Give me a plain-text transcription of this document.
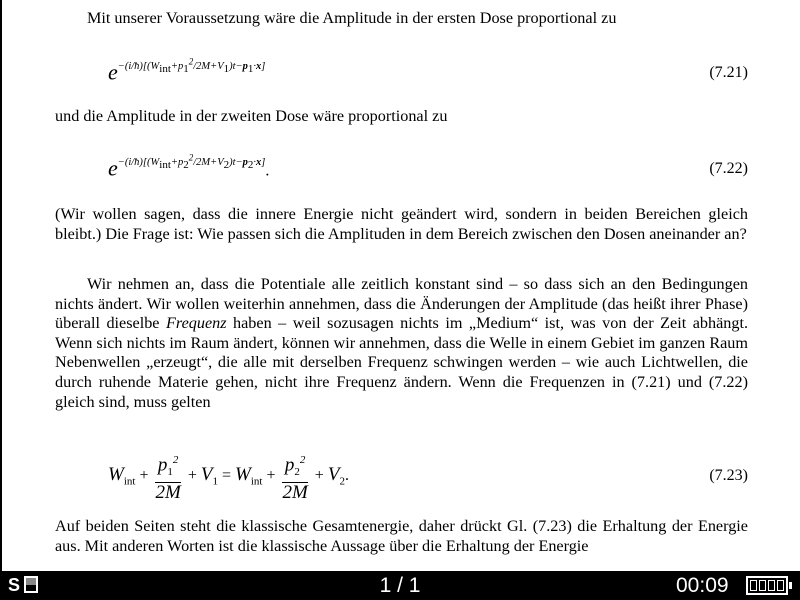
Mit unserer Voraussetzung wäre die Amplitude in der ersten Dose proportional zu
$e^{-(i/ħ)[(W_{int}+p_1^2/2M+V_1)t-p_1\cdot x]}$	(7.21)
und die Amplitude in der zweiten Dose wäre proportional zu
$e^{-(i/ħ)[(W_{int}+p_2^2/2M+V_2)t-p_2\cdot x]}$.	(7.22)
(Wir wollen sagen, dass die innere Energie nicht geändert wird, sondern in beiden Bereichen gleich bleibt.) Die Frage ist: Wie passen sich die Amplituden in dem Bereich zwischen den Dosen aneinander an?
Wir nehmen an, dass die Potentiale alle zeitlich konstant sind – so dass sich an den Bedingungen nichts ändert. Wir wollen weiterhin annehmen, dass die Änderungen der Amplitude (das heißt ihrer Phase) überall dieselbe Frequenz haben – weil sozusagen nichts im „Medium“ ist, was von der Zeit abhängt. Wenn sich nichts im Raum ändert, können wir annehmen, dass die Welle in einem Gebiet im ganzen Raum Nebenwellen „erzeugt“, die alle mit derselben Frequenz schwingen werden – wie auch Lichtwellen, die durch ruhende Materie gehen, nicht ihre Frequenz ändern. Wenn die Frequenzen in (7.21) und (7.22) gleich sind, muss gelten
$W_{int} + \frac{p_1^2}{2M} + V_1 = W_{int} + \frac{p_2^2}{2M} + V_2$.	(7.23)
Auf beiden Seiten steht die klassische Gesamtenergie, daher drückt Gl. (7.23) die Erhaltung der Energie aus. Mit anderen Worten ist die klassische Aussage über die Erhaltung der Energie
S	1 / 1	00:09
